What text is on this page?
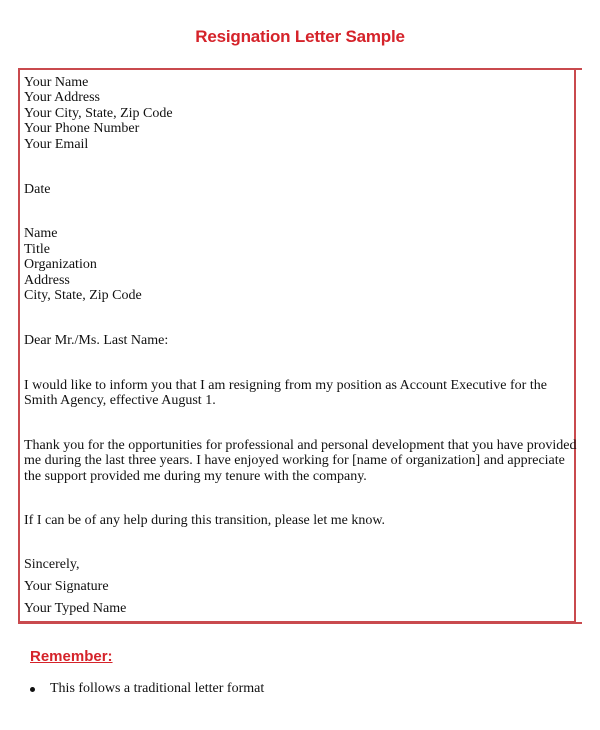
Resignation Letter Sample
Your Name
Your Address
Your City, State, Zip Code
Your Phone Number
Your Email
Date
Name
Title
Organization
Address
City, State, Zip Code
Dear Mr./Ms. Last Name:
I would like to inform you that I am resigning from my position as Account Executive for the Smith Agency, effective August 1.
Thank you for the opportunities for professional and personal development that you have provided me during the last three years. I have enjoyed working for [name of organization] and appreciate the support provided me during my tenure with the company.
If I can be of any help during this transition, please let me know.
Sincerely,
Your Signature
Your Typed Name
Remember:
This follows a traditional letter format
